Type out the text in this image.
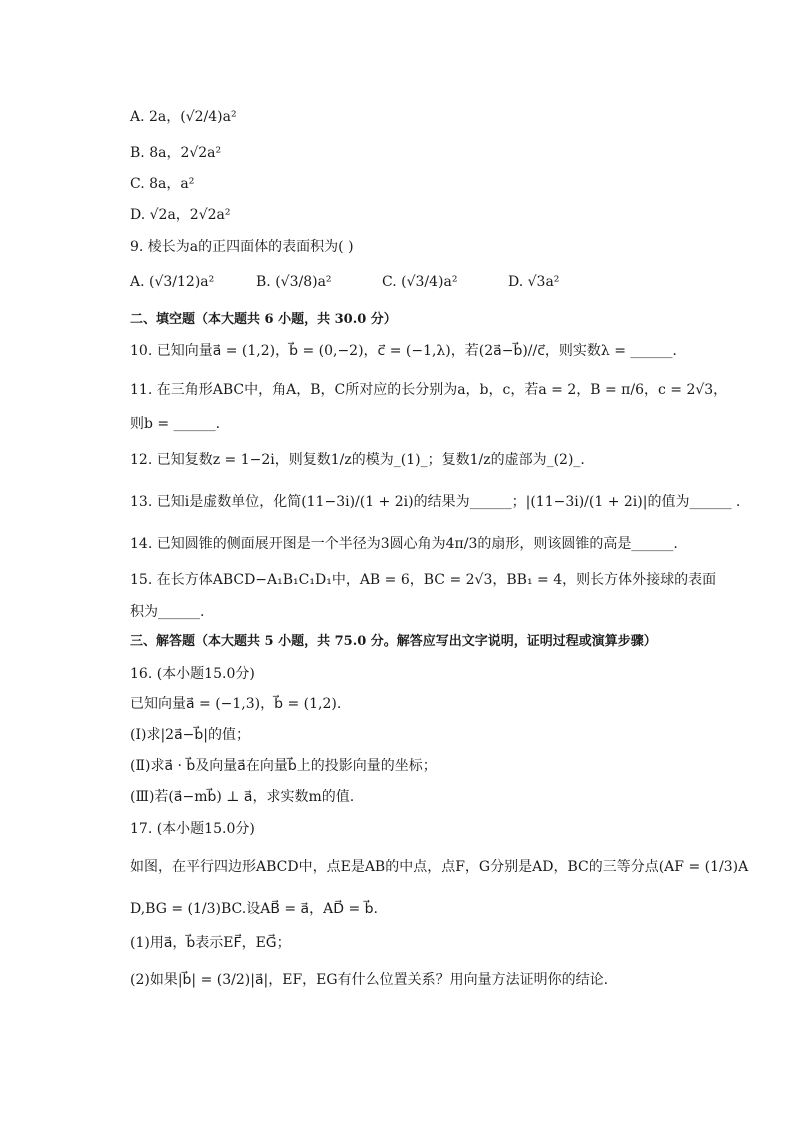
A. 2a，(√2/4)a²
B. 8a，2√2a²
C. 8a，a²
D. √2a，2√2a²
9. 棱长为a的正四面体的表面积为( )
A. (√3/12)a²	B. (√3/8)a²	C. (√3/4)a²	D. √3a²
二、填空题（本大题共 6 小题，共 30.0 分）
10. 已知向量a⃗ = (1,2)，b⃗ = (0,−2)，c⃗ = (−1,λ)，若(2a⃗−b⃗)//c⃗，则实数λ = ______.
11. 在三角形ABC中，角A，B，C所对应的长分别为a，b，c，若a = 2，B = π/6，c = 2√3，
则b = ______.
12. 已知复数z = 1−2i，则复数1/z的模为_(1)_；复数1/z的虚部为_(2)_.
13. 已知i是虚数单位，化简(11−3i)/(1 + 2i)的结果为______；|(11−3i)/(1 + 2i)|的值为______ .
14. 已知圆锥的侧面展开图是一个半径为3圆心角为4π/3的扇形，则该圆锥的高是______.
15. 在长方体ABCD−A₁B₁C₁D₁中，AB = 6，BC = 2√3，BB₁ = 4，则长方体外接球的表面
积为______.
三、解答题（本大题共 5 小题，共 75.0 分。解答应写出文字说明，证明过程或演算步骤）
16. (本小题15.0分)
已知向量a⃗ = (−1,3)，b⃗ = (1,2).
(Ⅰ)求|2a⃗−b⃗|的值；
(Ⅱ)求a⃗ · b⃗及向量a⃗在向量b⃗上的投影向量的坐标；
(Ⅲ)若(a⃗−mb⃗) ⊥ a⃗，求实数m的值.
17. (本小题15.0分)
如图，在平行四边形ABCD中，点E是AB的中点，点F，G分别是AD，BC的三等分点(AF = (1/3)A
D,BG = (1/3)BC.设AB⃗ = a⃗，AD⃗ = b⃗.
(1)用a⃗，b⃗表示EF⃗，EG⃗；
(2)如果|b⃗| = (3/2)|a⃗|，EF，EG有什么位置关系？用向量方法证明你的结论.
